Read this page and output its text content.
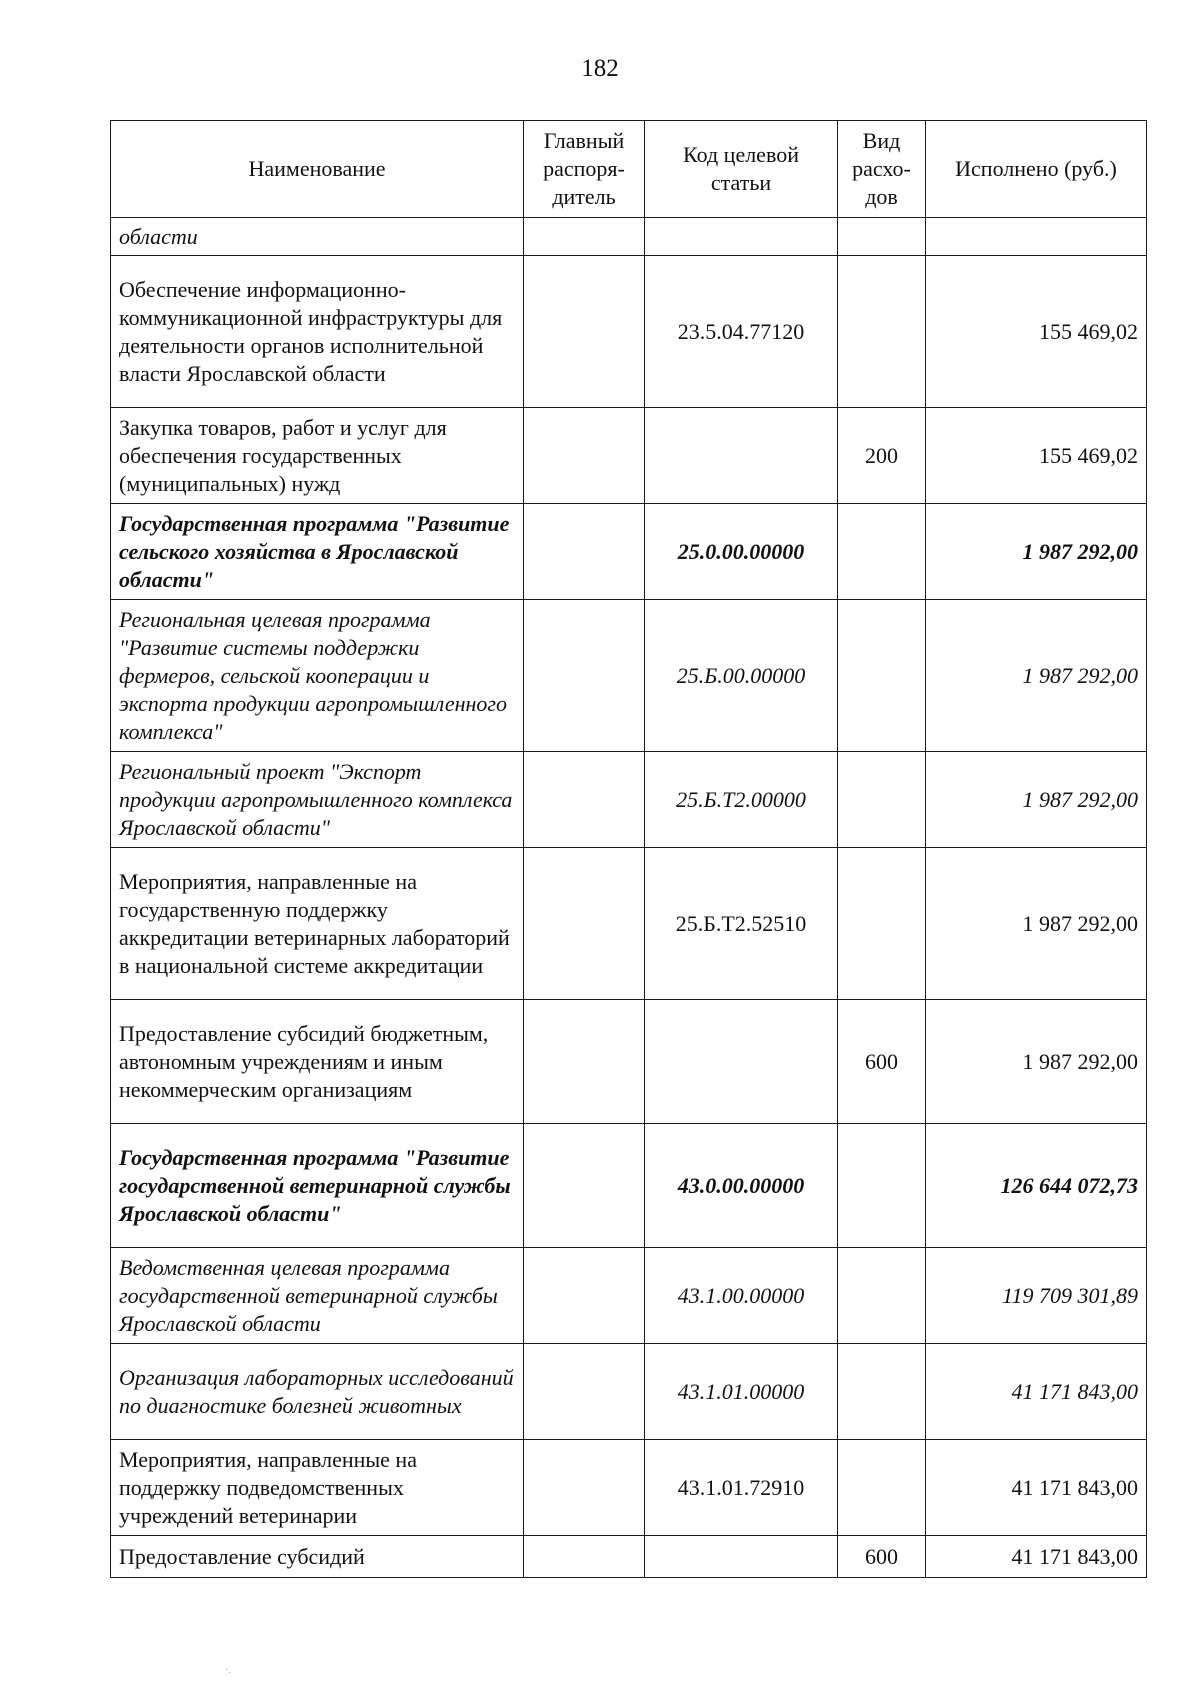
182
Наименование	Главный распоря-дитель	Код целевой статьи	Вид расхо-дов	Исполнено (руб.)
области				
Обеспечение информационно-коммуникационной инфраструктуры для деятельности органов исполнительной власти Ярославской области		23.5.04.77120		155 469,02
Закупка товаров, работ и услуг для обеспечения государственных (муниципальных) нужд			200	155 469,02
Государственная программа "Развитие сельского хозяйства в Ярославской области"		25.0.00.00000		1 987 292,00
Региональная целевая программа "Развитие системы поддержки фермеров, сельской кооперации и экспорта продукции агропромышленного комплекса"		25.Б.00.00000		1 987 292,00
Региональный проект "Экспорт продукции агропромышленного комплекса Ярославской области"		25.Б.Т2.00000		1 987 292,00
Мероприятия, направленные на государственную поддержку аккредитации ветеринарных лабораторий в национальной системе аккредитации		25.Б.Т2.52510		1 987 292,00
Предоставление субсидий бюджетным, автономным учреждениям и иным некоммерческим организациям			600	1 987 292,00
Государственная программа "Развитие государственной ветеринарной службы Ярославской области"		43.0.00.00000		126 644 072,73
Ведомственная целевая программа государственной ветеринарной службы Ярославской области		43.1.00.00000		119 709 301,89
Организация лабораторных исследований по диагностике болезней животных		43.1.01.00000		41 171 843,00
Мероприятия, направленные на поддержку подведомственных учреждений ветеринарии		43.1.01.72910		41 171 843,00
Предоставление субсидий			600	41 171 843,00
·.
